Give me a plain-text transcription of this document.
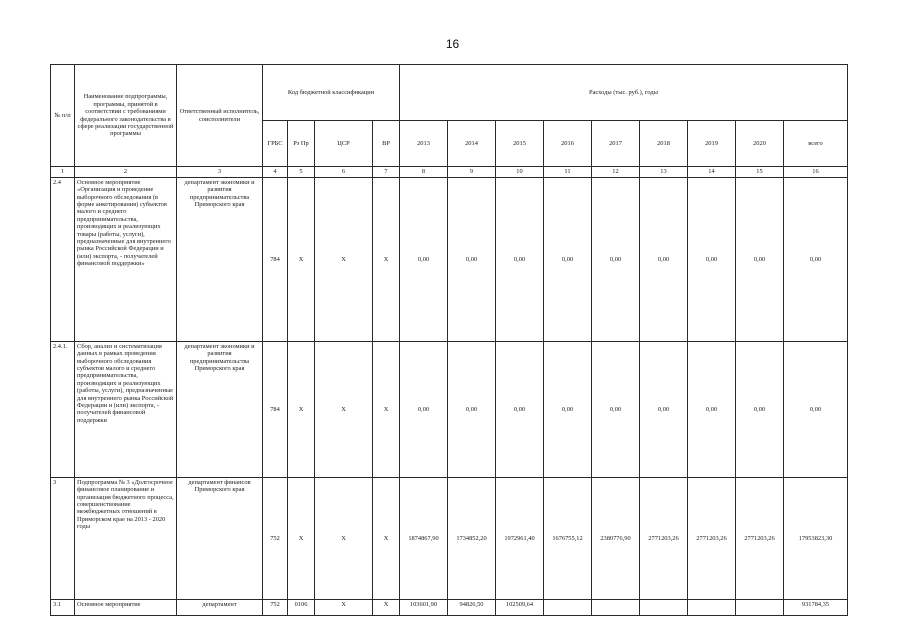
16
№ п/п	Наименование подпрограммы, программы, принятой в соответствии с требованиями федерального законодательства в сфере реализации государственной программы	Ответственный исполнитель, соисполнители	Код бюджетной классификации				Расходы (тыс. руб.), годы								
			ГРБС	Рз Пр	ЦСР	ВР	2013	2014	2015	2016	2017	2018	2019	2020	всего
1	2	3	4	5	6	7	8	9	10	11	12	13	14	15	16
2.4	Основное мероприятие «Организация и проведение выборочного обследования (в форме анкетирования) субъектов малого и среднего предпринимательства, производящих и реализующих товары (работы, услуги), предназначенные для внутреннего рынка Российской Федерации и (или) экспорта, - получателей финансовой поддержки»	департамент экономики и развития предпринимательства Приморского края	784	X	X	X	0,00	0,00	0,00	0,00	0,00	0,00	0,00	0,00	0,00
2.4.1.	Сбор, анализ и систематизация данных в рамках проведения выборочного обследования субъектов малого и среднего предпринимательства, производящих и реализующих (работы, услуги), предназначенные для внутреннего рынка Российской Федерации и (или) экспорта, - получателей финансовой поддержки	департамент экономики и развития предпринимательства Приморского края	784	X	X	X	0,00	0,00	0,00	0,00	0,00	0,00	0,00	0,00	0,00
3	Подпрограмма № 3 «Долгосрочное финансовое планирование и организация бюджетного процесса, совершенствование межбюджетных отношений в Приморском крае на 2013 - 2020 годы	департамент финансов Приморского края	752	X	X	X	1874867,90	1734852,20	1972961,40	1676755,12	2380776,90	2771203,26	2771203,26	2771203,26	17953823,30
3.1	Основное мероприятие	департамент	752	0106	X	X	103601,90	94826,50	102509,64						931784,35
